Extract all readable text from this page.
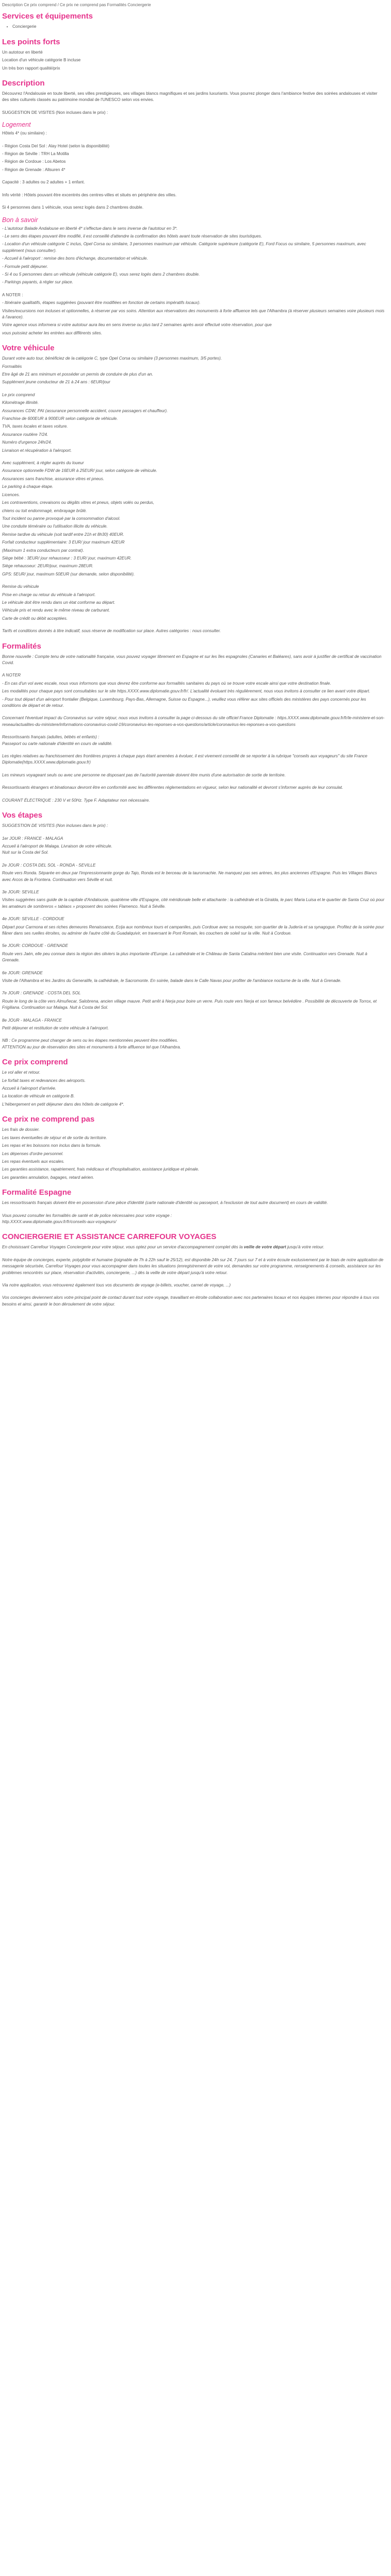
Description Ce prix comprend / Ce prix ne comprend pas Formalités Conciergerie

Services et équipements
• Conciergerie
Les points forts

Un autotour en liberté

Location d'un véhicule catégorie B incluse

Un très bon rapport qualité/prix

Description

Découvrez l'Andalousie en toute liberté, ses villes prestigieuses, ses villages blancs magnifiques et ses jardins luxuriants. Vous pourrez plonger dans l'ambiance festive des soirées andalouses et visiter des sites culturels classés au patrimoine mondial de l'UNESCO selon vos envies.

SUGGESTION DE VISITES (Non incluses dans le prix) :

Logement

Hôtels 4* (ou similaire) :

- Région Costa Del Sol : Alay Hotel (selon la disponibilité)

- Région de Séville : TRH La Motilla

- Région de Cordoue : Los Abetos

- Région de Grenade : Allsuren 4*

Capacité : 3 adultes ou 2 adultes + 1 enfant.

Info vérité : Hôtels pouvant être excentrés des centres-villes et situés en périphérie des villes.

Si 4 personnes dans 1 véhicule, vous serez logés dans 2 chambres double.

Bon à savoir

- L'autotour Balade Andalouse en liberté 4* s'effectue dans le sens inverse de l'autotour en 3*.

- Le sens des étapes pouvant être modifié, il est conseillé d'attendre la confirmation des hôtels avant toute réservation de sites touristiques.

- Location d'un véhicule catégorie C inclus, Opel Corsa ou similaire, 3 personnes maximum par véhicule. Catégorie supérieure (catégorie E), Ford Focus ou similaire, 5 personnes maximum, avec supplément (nous consulter).

- Accueil à l'aéroport : remise des bons d'échange, documentation et véhicule.

- Formule petit déjeuner.

- Si 4 ou 5 personnes dans un véhicule (véhicule catégorie E), vous serez logés dans 2 chambres double.

- Parkings payants, à régler sur place.

A NOTER :

- Itinéraire qualitatifs, étapes suggérées (pouvant être modifiées en fonction de certains impératifs locaux).

Visites/excursions non incluses et optionnelles, à réserver par vos soins. Attention aux réservations des monuments à forte affluence tels que l'Alhambra (à réserver plusieurs semaines voire plusieurs mois à l'avance).

Votre agence vous informera si votre autotour aura lieu en sens inverse ou plus tard 2 semaines après avoir effectué votre réservation, pour que

vous puissiez acheter les entrées aux différents sites.

Votre véhicule

Durant votre auto tour, bénéficiez de la catégorie C, type Opel Corsa ou similaire (3 personnes maximum, 3/5 portes).

Formalités

Etre âgé de 21 ans minimum et posséder un permis de conduire de plus d'un an.

Supplément jeune conducteur de 21 à 24 ans : 6EUR/jour

Le prix comprend

Kilométrage illimité.

Assurances CDW, PAI (assurance personnelle accident, couvre passagers et chauffeur).

Franchise de 600EUR à 900EUR selon catégorie de véhicule.

TVA, taxes locales et taxes voiture.

Assurance routière 7/24.

Numéro d'urgence 24h/24.

Livraison et récupération à l'aéroport.

Avec supplément, à régler auprès du loueur

Assurance optionnelle FDW de 16EUR à 25EUR/ jour, selon catégorie de véhicule.

Assurances sans franchise, assurance vitres et pneus.

Le parking à chaque étape.

Licences.

Les contraventions, crevaisons ou dégâts vitres et pneus, objets volés ou perdus,

chiens ou toit endommagé, embrayage brûlé.

Tout incident ou panne provoqué par la consommation d'alcool.

Une conduite téméraire ou l'utilisation illicite du véhicule.

Remise tardive du véhicule (soit tardif entre 21h et 8h30) 40EUR.

Forfait conducteur supplémentaire: 3 EUR/ jour maximum 42EUR

(Maximum 1 extra conducteurs par contrat).

Siège bébé : 3EUR/ jour rehausseur : 3 EUR/ jour, maximum 42EUR.

Siège rehausseur: 2EUR/jour, maximum 28EUR.

GPS: 5EUR/ jour, maximum 50EUR (sur demande, selon disponibilité).

Remise du véhicule

Prise en charge ou retour du véhicule à l'aéroport.

Le véhicule doit être rendu dans un état conforme au départ.

Véhicule pris et rendu avec le même niveau de carburant.

Carte de crédit ou débit acceptées.

Tarifs et conditions donnés à titre indicatif, sous réserve de modification sur place. Autres catégories : nous consulter.

Formalités

Bonne nouvelle : Compte tenu de votre nationalité française, vous pouvez voyager librement en Espagne et sur les îles espagnoles (Canaries et Baléares), sans avoir à justifier de certificat de vaccination Covid.

A NOTER

- En cas d'un vol avec escale, nous vous informons que vous devrez être conforme aux formalités sanitaires du pays où se trouve votre escale ainsi que votre destination finale.

Les modalités pour chaque pays sont consultables sur le site https.XXXX.www.diplomatie.gouv.fr/fr/. L'actualité évoluant très régulièrement, nous vous invitons à consulter ce lien avant votre départ.

- Pour tout départ d'un aéroport frontalier (Belgique, Luxembourg, Pays-Bas, Allemagne, Suisse ou Espagne...), veuillez vous référer aux sites officiels des ministères des pays concernés pour les conditions de départ et de retour.

Concernant l'éventuel impact du Coronavirus sur votre séjour, nous vous invitons à consulter la page ci-dessous du site officiel France Diplomatie : https.XXXX.www.diplomatie.gouv.fr/fr/le-ministere-et-son-reseau/actualites-du-ministere/informations-coronavirus-covid-19/coronavirus-les-reponses-a-vos-questions/article/coronavirus-les-reponses-a-vos-questions

Ressortissants français (adultes, bébés et enfants) :
Passeport ou carte nationale d'identité en cours de validité.

Les règles relatives au franchissement des frontières propres à chaque pays étant amenées à évoluer, il est vivement conseillé de se reporter à la rubrique "conseils aux voyageurs" du site France Diplomatie(https.XXXX.www.diplomatie.gouv.fr)

Les mineurs voyageant seuls ou avec une personne ne disposant pas de l'autorité parentale doivent être munis d'une autorisation de sortie de territoire.

Ressortissants étrangers et binationaux devront être en conformité avec les différentes réglementations en vigueur, selon leur nationalité et devront s'informer auprès de leur consulat.

COURANT ÉLECTRIQUE : 230 V et 50Hz. Type F. Adaptateur non nécessaire.

Vos étapes

SUGGESTION DE VISITES (Non incluses dans le prix) :

1er JOUR : FRANCE - MALAGA

Accueil à l'aéroport de Malaga. Livraison de votre véhicule.
Nuit sur la Costa del Sol.

2e JOUR : COSTA DEL SOL - RONDA - SEVILLE

Route vers Ronda. Séparée en deux par l'impressionnante gorge du Tajo, Ronda est le berceau de la tauromachie. Ne manquez pas ses arènes, les plus anciennes d'Espagne. Puis les Villages Blancs avec Arcos de la Frontera. Continuation vers Séville et nuit.

3e JOUR: SEVILLE

Visites suggérées sans guide de la capitale d'Andalousie, quatrième ville d'Espagne, cité méridionale belle et attachante : la cathédrale et la Giralda, le parc Maria Luisa et le quartier de Santa Cruz où pour les amateurs de sombreros « tablaos » proposent des soirées Flamenco. Nuit à Séville.

4e JOUR: SEVILLE - CORDOUE

Départ pour Carmona et ses riches demeures Renaissance, Ecija aux nombreux tours et campaniles, puis Cordoue avec sa mosquée, son quartier de la Judería et sa synagogue. Profitez de la soirée pour flâner dans ses ruelles étroites, ou admirer de l'autre côté du Guadalquivir, en traversant le Pont Romain, les couchers de soleil sur la ville. Nuit à Cordoue.

5e JOUR: CORDOUE - GRENADE

Route vers Jaén, elle peu connue dans la région des oliviers la plus importante d'Europe. La cathédrale et le Château de Santa Catalina méritent bien une visite. Continuation vers Grenade. Nuit à Grenade.

6e JOUR: GRENADE

Visite de l'Alhambra et les Jardins du Generalife, la cathédrale, le Sacromonte. En soirée, balade dans le Calle Navas pour profiter de l'ambiance nocturne de la ville. Nuit à Grenade.

7e JOUR : GRENADE - COSTA DEL SOL

Route le long de la côte vers Almuñecar, Salobrena, ancien village mauve. Petit arrêt à Nerja pour boire un verre. Puis route vers Nerja et son fameux belvédère . Possibilité de découverte de Torrox, et Frigiliana. Continuation sur Malaga. Nuit à Costa del Sol.

8e JOUR - MALAGA - FRANCE

Petit déjeuner et restitution de votre véhicule à l'aéroport.

NB : Ce programme peut changer de sens ou les étapes mentionnées peuvent être modifiées.
ATTENTION au jour de réservation des sites et monuments à forte affluence tel que l'Alhambra.

Ce prix comprend

Le vol aller et retour.

Le forfait taxes et redevances des aéroports.

Accueil à l'aéroport d'arrivée.

La location de véhicule en catégorie B.

L'hébergement en petit déjeuner dans des hôtels de catégorie 4*.

Ce prix ne comprend pas

Les frais de dossier.

Les taxes éventuelles de séjour et de sortie du territoire.

Les repas et les boissons non inclus dans la formule.

Les dépenses d'ordre personnel.

Les repas éventuels aux escales.

Les garanties assistance, rapatriement, frais médicaux et d'hospitalisation, assistance juridique et pénale.

Les garanties annulation, bagages, retard aérien.

Formalité Espagne

Les ressortissants français doivent être en possession d'une pièce d'identité (carte nationale d'identité ou passeport, à l'exclusion de tout autre document) en cours de validité.

Vous pouvez consulter les formalités de santé et de police nécessaires pour votre voyage :
http.XXXX.www.diplomatie.gouv.fr/fr/conseils-aux-voyageurs/

CONCIERGERIE ET ASSISTANCE CARREFOUR VOYAGES

En choisissant Carrefour Voyages Conciergerie pour votre séjour, vous optez pour un service d'accompagnement complet dès la veille de votre départ jusqu'à votre retour.

Notre équipe de concierges, experte, polyglotte et humaine (joignable de 7h à 22h sauf le 25/12), est disponible 24h sur 24, 7 jours sur 7 et à votre écoute exclusivement par le biais de notre application de messagerie sécurisée, Carrefour Voyages pour vous accompagner dans toutes les situations (enregistrement de votre vol, demandes sur votre programme, renseignements & conseils, assistance sur les problèmes rencontrés sur place, réservation d'activités, conciergerie, ...) dès la veille de votre départ jusqu'à votre retour.

Via notre application, vous retrouverez également tous vos documents de voyage (e-billets, voucher, carnet de voyage, ...)

Vos concierges deviennent alors votre principal point de contact durant tout votre voyage, travaillant en étroite collaboration avec nos partenaires locaux et nos équipes internes pour répondre à tous vos besoins et ainsi, garantir le bon déroulement de votre séjour.
